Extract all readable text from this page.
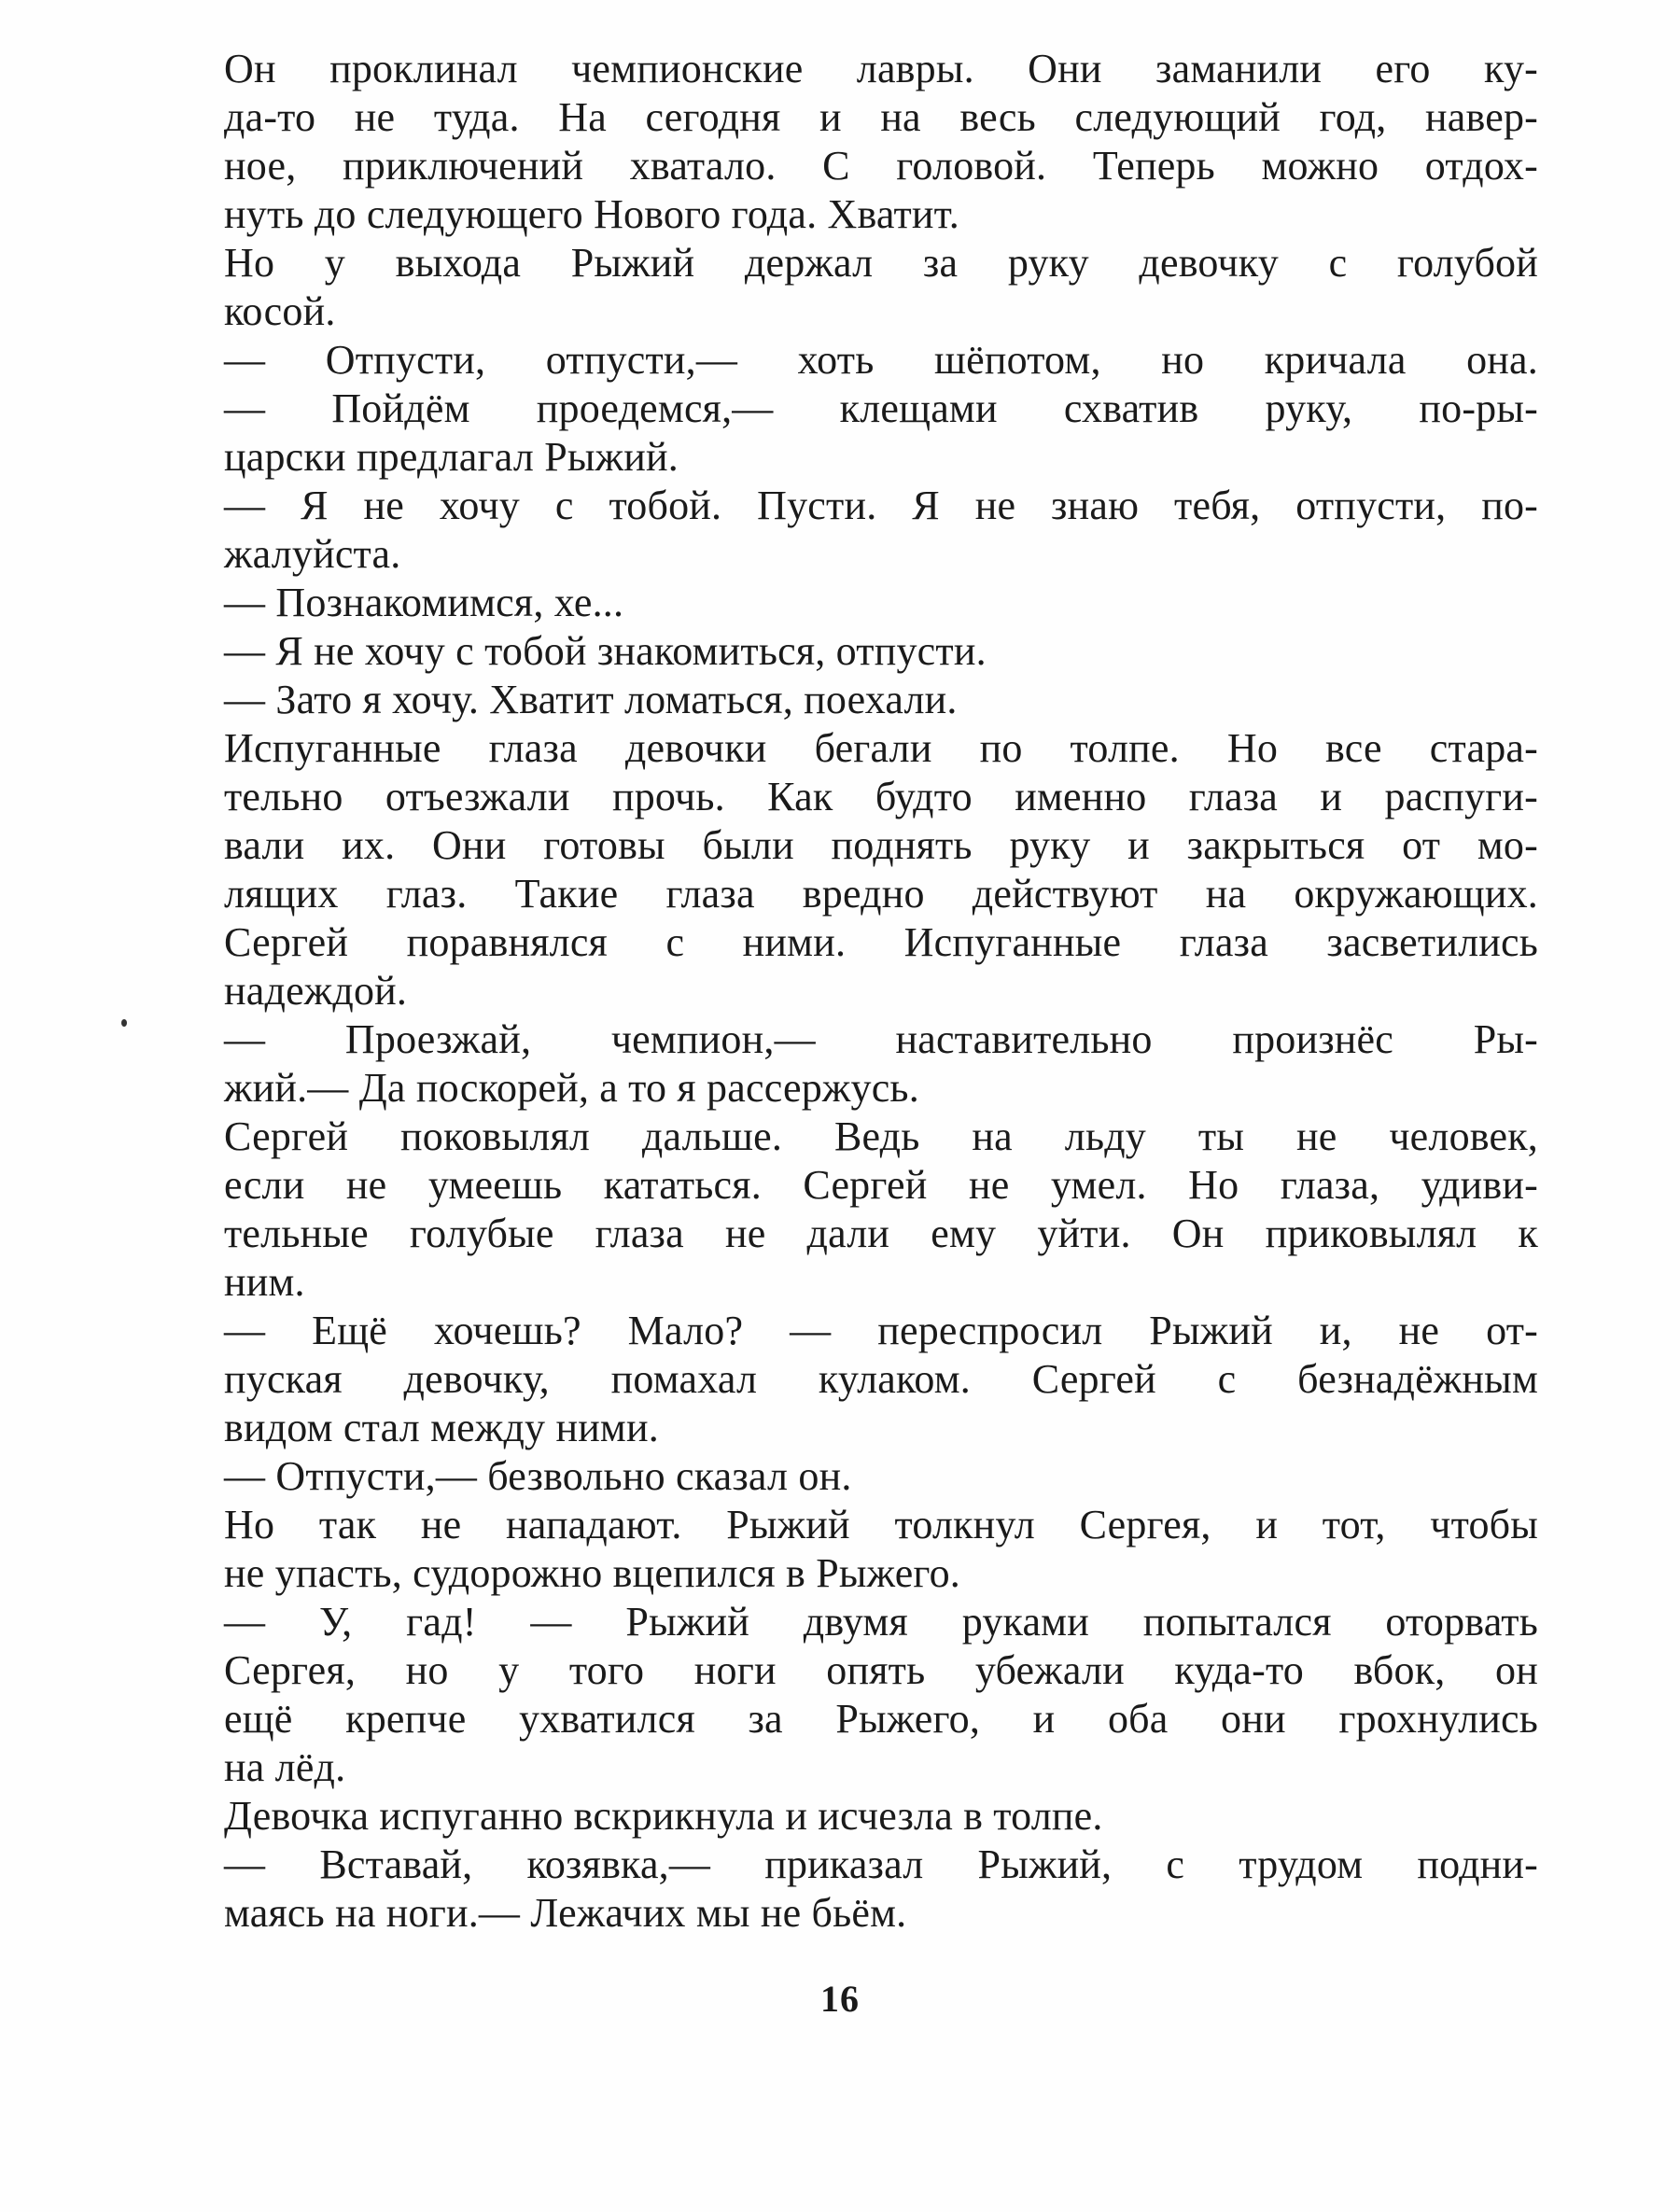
Он проклинал чемпионские лавры. Они заманили его ку-
да-то не туда. На сегодня и на весь следующий год, навер-
ное, приключений хватало. С головой. Теперь можно отдох-
нуть до следующего Нового года. Хватит.
Но у выхода Рыжий держал за руку девочку с голубой
косой.
— Отпусти, отпусти,— хоть шёпотом, но кричала она.
— Пойдём проедемся,— клещами схватив руку, по-ры-
царски предлагал Рыжий.
— Я не хочу с тобой. Пусти. Я не знаю тебя, отпусти, по-
жалуйста.
— Познакомимся, хе...
— Я не хочу с тобой знакомиться, отпусти.
— Зато я хочу. Хватит ломаться, поехали.
Испуганные глаза девочки бегали по толпе. Но все стара-
тельно отъезжали прочь. Как будто именно глаза и распуги-
вали их. Они готовы были поднять руку и закрыться от мо-
лящих глаз. Такие глаза вредно действуют на окружающих.
Сергей поравнялся с ними. Испуганные глаза засветились
надеждой.
— Проезжай, чемпион,— наставительно произнёс Ры-
жий.— Да поскорей, а то я рассержусь.
Сергей поковылял дальше. Ведь на льду ты не человек,
если не умеешь кататься. Сергей не умел. Но глаза, удиви-
тельные голубые глаза не дали ему уйти. Он приковылял к
ним.
— Ещё хочешь? Мало? — переспросил Рыжий и, не от-
пуская девочку, помахал кулаком. Сергей с безнадёжным
видом стал между ними.
— Отпусти,— безвольно сказал он.
Но так не нападают. Рыжий толкнул Сергея, и тот, чтобы
не упасть, судорожно вцепился в Рыжего.
— У, гад! — Рыжий двумя руками попытался оторвать
Сергея, но у того ноги опять убежали куда-то вбок, он
ещё крепче ухватился за Рыжего, и оба они грохнулись
на лёд.
Девочка испуганно вскрикнула и исчезла в толпе.
— Вставай, козявка,— приказал Рыжий, с трудом подни-
маясь на ноги.— Лежачих мы не бьём.
16
